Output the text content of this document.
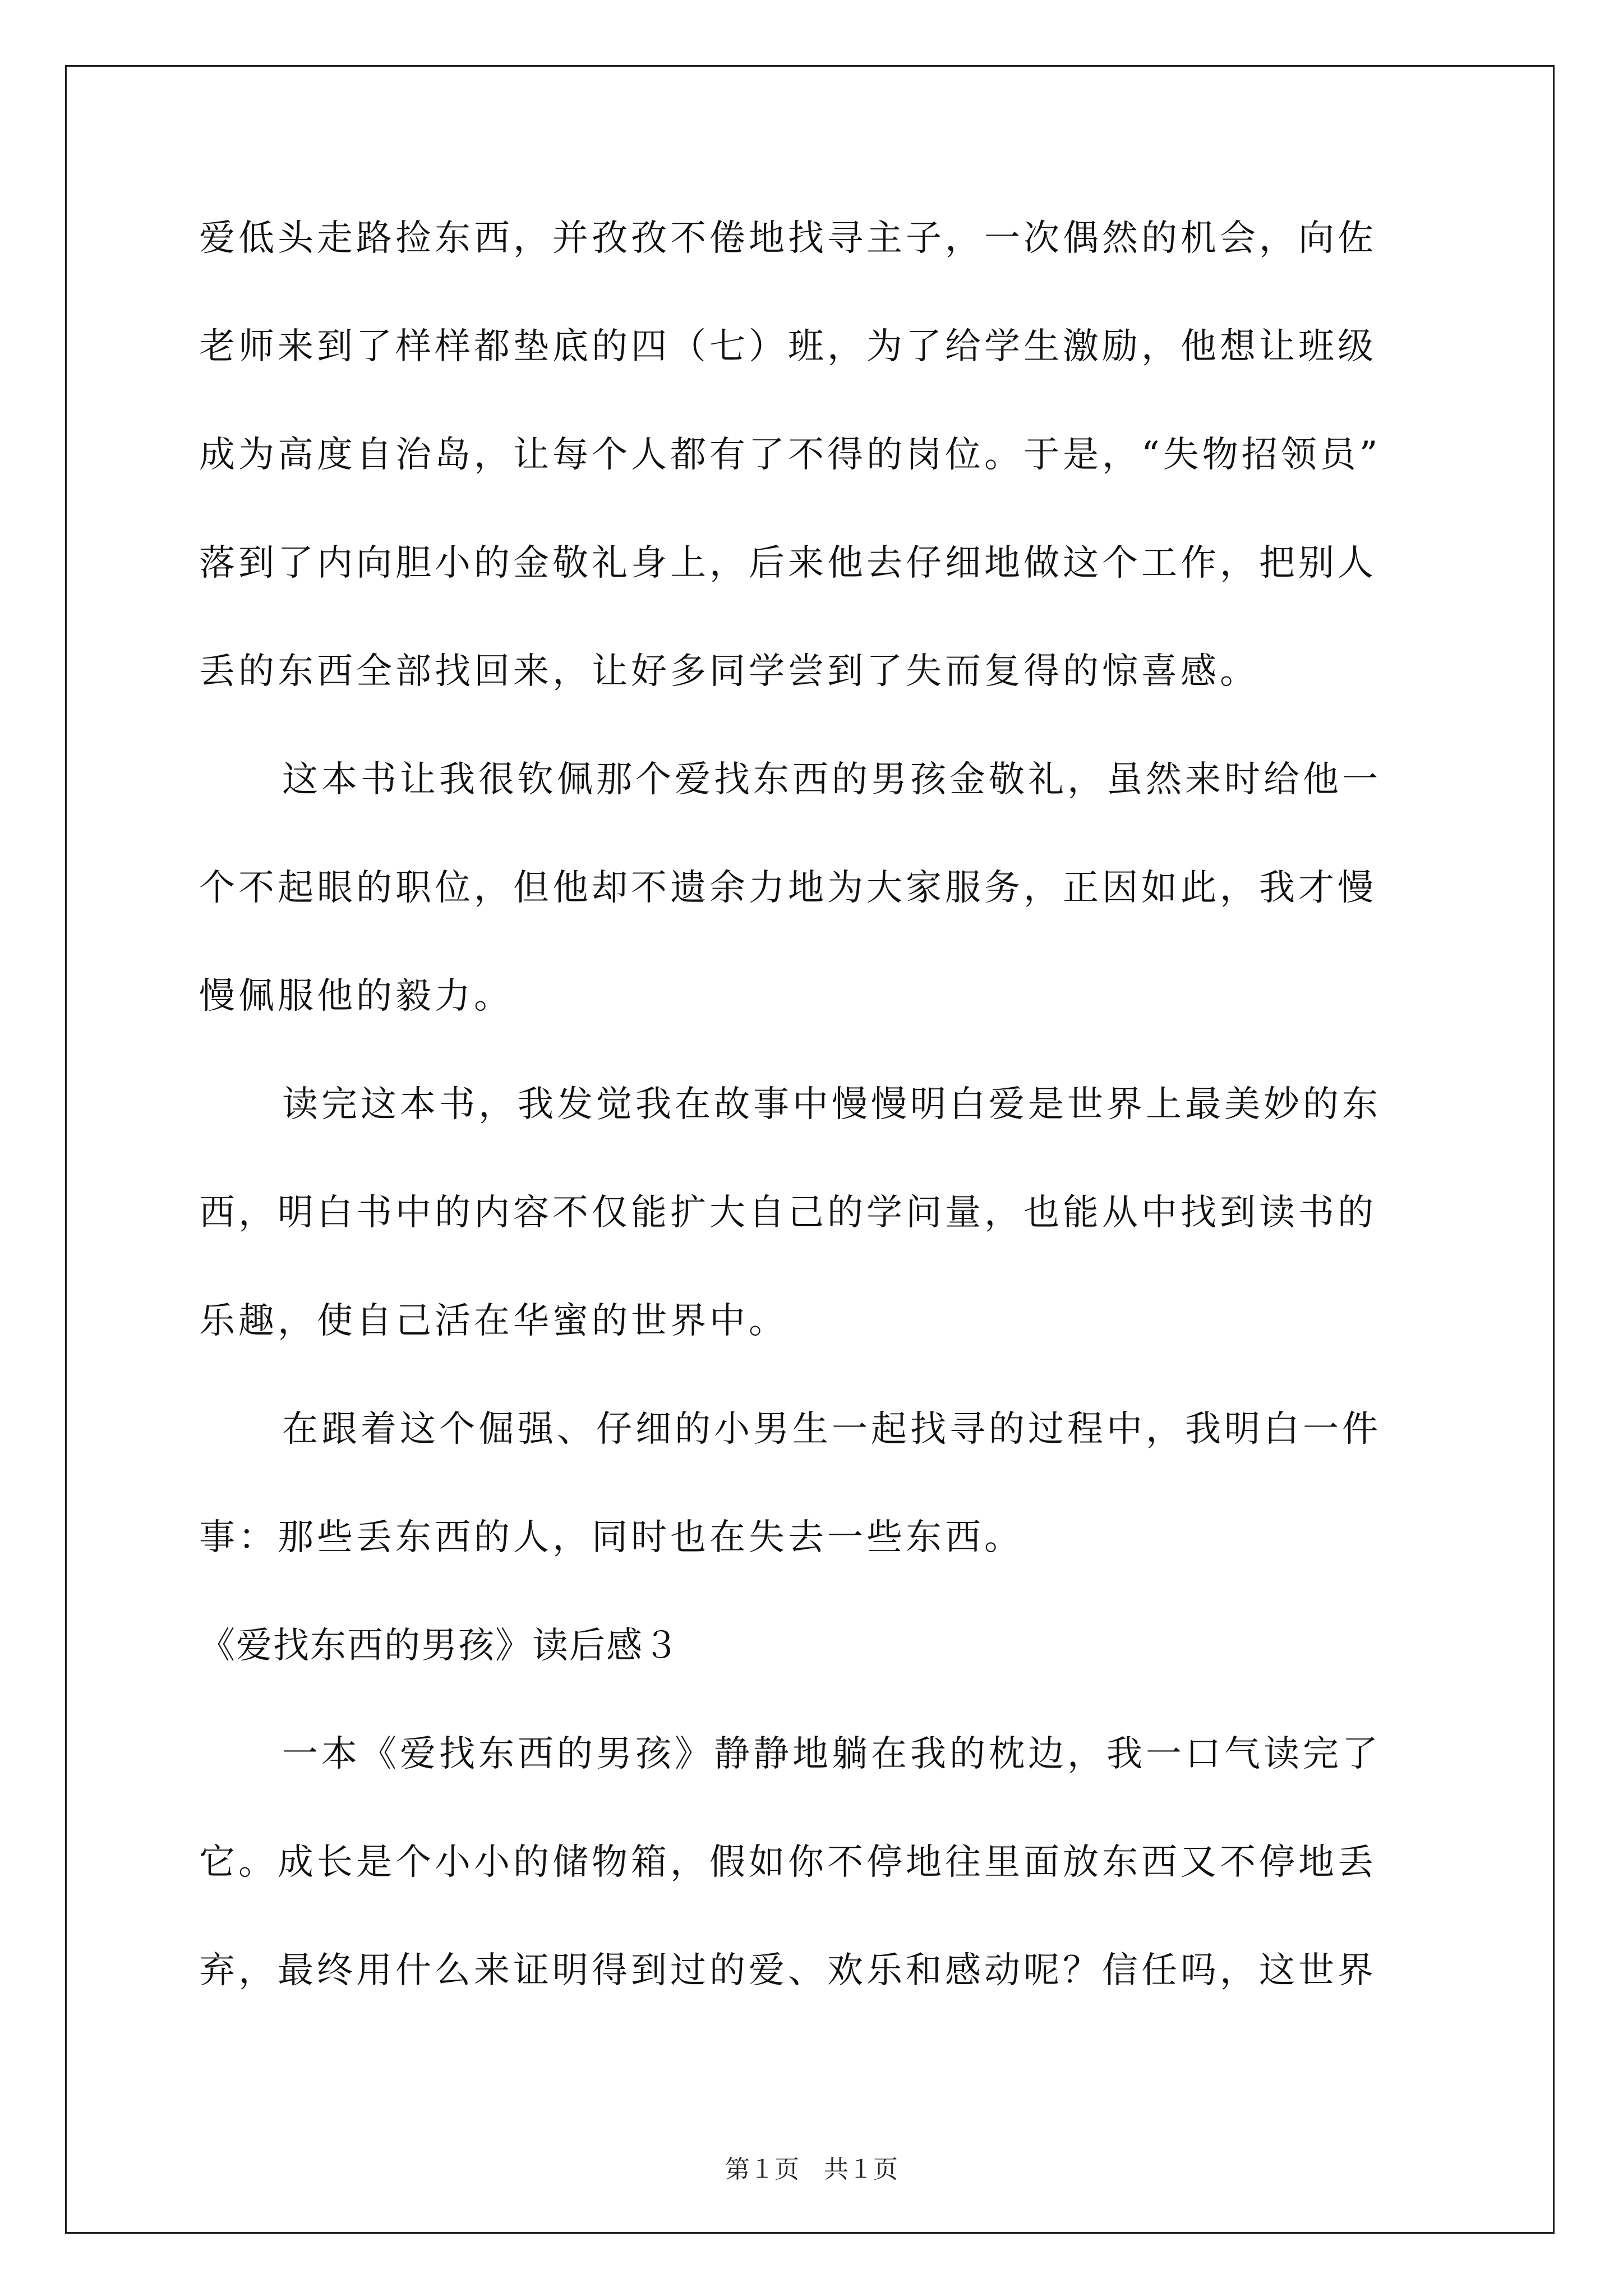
爱低头走路捡东西，并孜孜不倦地找寻主子，一次偶然的机会，向佐
老师来到了样样都垫底的四（七）班，为了给学生激励，他想让班级
成为高度自治岛，让每个人都有了不得的岗位。于是，“失物招领员”
落到了内向胆小的金敬礼身上，后来他去仔细地做这个工作，把别人
丢的东西全部找回来，让好多同学尝到了失而复得的惊喜感。
这本书让我很钦佩那个爱找东西的男孩金敬礼，虽然来时给他一
个不起眼的职位，但他却不遗余力地为大家服务，正因如此，我才慢
慢佩服他的毅力。
读完这本书，我发觉我在故事中慢慢明白爱是世界上最美妙的东
西，明白书中的内容不仅能扩大自己的学问量，也能从中找到读书的
乐趣，使自己活在华蜜的世界中。
在跟着这个倔强、仔细的小男生一起找寻的过程中，我明白一件
事：那些丢东西的人，同时也在失去一些东西。
《爱找东西的男孩》读后感３
一本《爱找东西的男孩》静静地躺在我的枕边，我一口气读完了
它。成长是个小小的储物箱，假如你不停地往里面放东西又不停地丢
弃，最终用什么来证明得到过的爱、欢乐和感动呢？信任吗，这世界
第１页　共１页
